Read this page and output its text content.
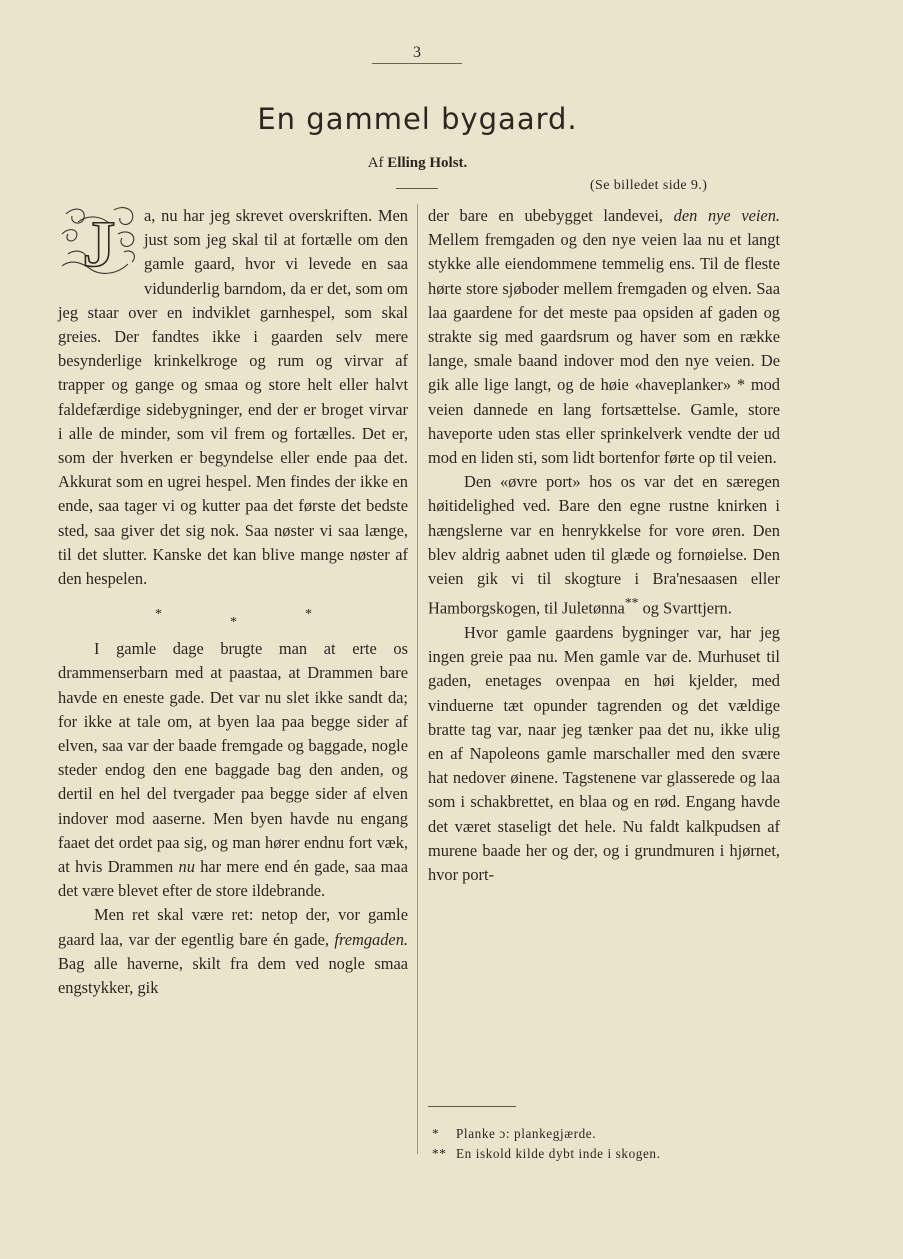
3
En gammel bygaard.
Af Elling Holst.
(Se billedet side 9.)
J	a, nu har jeg skrevet overskriften. Men just som jeg skal til at fortælle om den gamle gaard, hvor vi levede en saa vidunderlig barndom, da er det, som om jeg staar over en indviklet garnhespel, som skal greies. Der fandtes ikke i gaarden selv mere besynderlige krinkelkroge og rum og virvar af trapper og gange og smaa og store helt eller halvt faldefærdige sidebygninger, end der er broget virvar i alle de minder, som vil frem og fortælles. Det er, som der hverken er begyndelse eller ende paa det. Akkurat som en ugrei hespel. Men findes der ikke en ende, saa tager vi og kutter paa det første det bedste sted, saa giver det sig nok. Saa nøster vi saa længe, til det slutter. Kanske det kan blive mange nøster af den hespelen.

*
*
*

I gamle dage brugte man at erte os drammenserbarn med at paastaa, at Drammen bare havde en eneste gade. Det var nu slet ikke sandt da; for ikke at tale om, at byen laa paa begge sider af elven, saa var der baade fremgade og baggade, nogle steder endog den ene baggade bag den anden, og dertil en hel del tvergader paa begge sider af elven indover mod aaserne. Men byen havde nu engang faaet det ordet paa sig, og man hører endnu fort væk, at hvis Drammen nu har mere end én gade, saa maa det være blevet efter de store ildebrande.

Men ret skal være ret: netop der, vor gamle gaard laa, var der egentlig bare én gade, fremgaden. Bag alle haverne, skilt fra dem ved nogle smaa engstykker, gik

der bare en ubebygget landevei, den nye veien. Mellem fremgaden og den nye veien laa nu et langt stykke alle eiendommene temmelig ens. Til de fleste hørte store sjøboder mellem fremgaden og elven. Saa laa gaardene for det meste paa opsiden af gaden og strakte sig med gaardsrum og haver som en række lange, smale baand indover mod den nye veien. De gik alle lige langt, og de høie «haveplanker» * mod veien dannede en lang fortsættelse. Gamle, store haveporte uden stas eller sprinkelverk vendte der ud mod en liden sti, som lidt bortenfor førte op til veien.

Den «øvre port» hos os var det en særegen høitidelighed ved. Bare den egne rustne knirken i hængslerne var en henrykkelse for vore øren. Den blev aldrig aabnet uden til glæde og fornøielse. Den veien gik vi til skogture i Bra'nesaasen eller Hamborgskogen, til Juletønna** og Svarttjern.

Hvor gamle gaardens bygninger var, har jeg ingen greie paa nu. Men gamle var de. Murhuset til gaden, enetages ovenpaa en høi kjelder, med vinduerne tæt opunder tagrenden og det vældige bratte tag var, naar jeg tænker paa det nu, ikke ulig en af Napoleons gamle marschaller med den svære hat nedover øinene. Tagstenene var glasserede og laa som i schakbrettet, en blaa og en rød. Engang havde det været staseligt det hele. Nu faldt kalkpudsen af murene baade her og der, og i grundmuren i hjørnet, hvor port-

* Planke ɔ: plankegjærde.
** En iskold kilde dybt inde i skogen.
